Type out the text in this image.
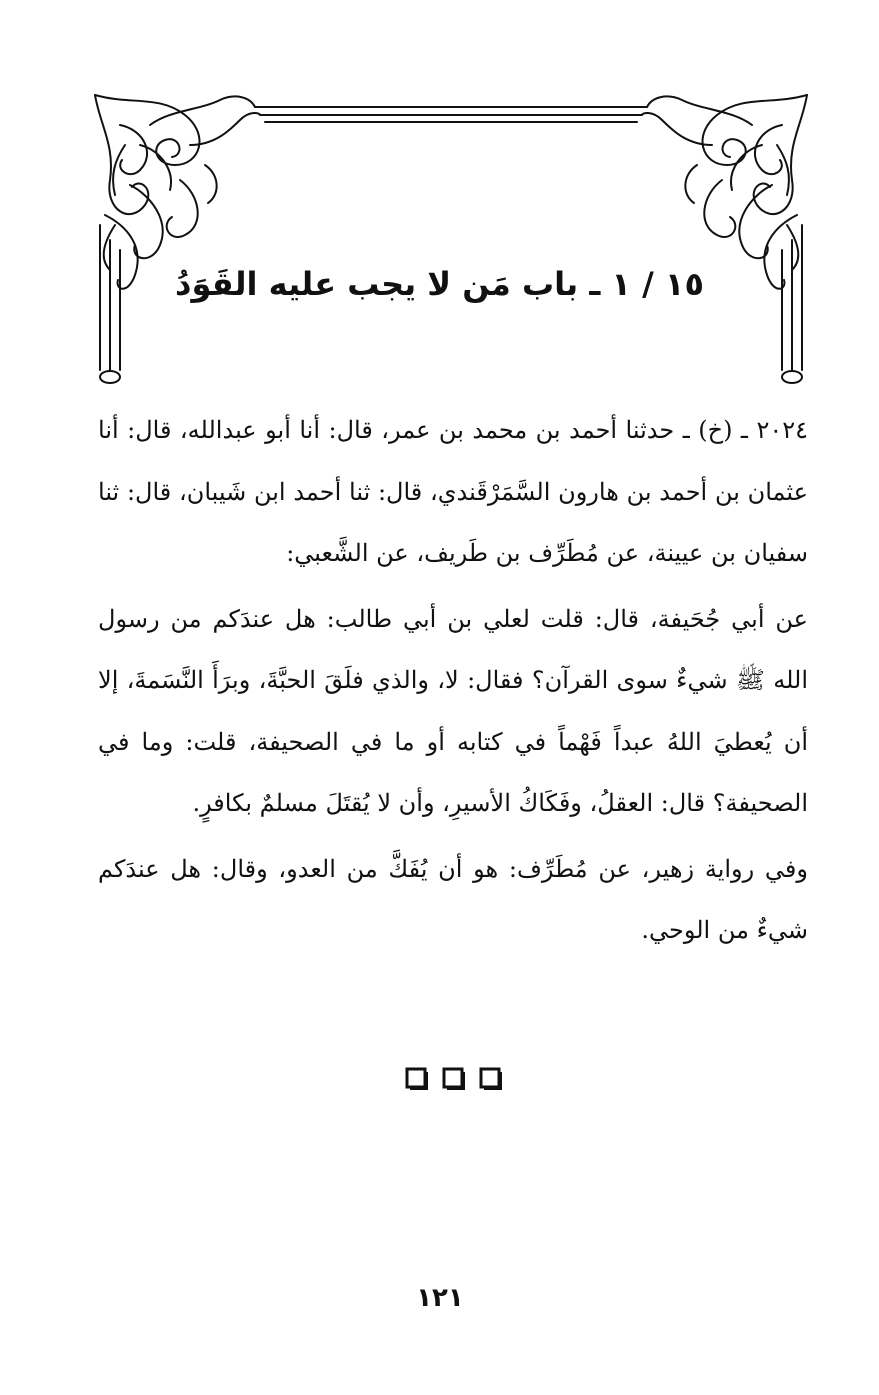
١٥ / ١ ـ باب مَن لا يجب عليه القَوَدُ

٢٠٢٤ ـ (خ) ـ حدثنا أحمد بن محمد بن عمر، قال: أنا أبو عبدالله، قال: أنا عثمان بن أحمد بن هارون السَّمَرْقَندي، قال: ثنا أحمد ابن شَيبان، قال: ثنا سفيان بن عيينة، عن مُطَرِّف بن طَريف، عن الشَّعبي:

عن أبي جُحَيفة، قال: قلت لعلي بن أبي طالب: هل عندَكم من رسول الله ﷺ شيءٌ سوى القرآن؟ فقال: لا، والذي فلَقَ الحبَّةَ، وبرَأَ النَّسَمةَ، إلا أن يُعطيَ اللهُ عبداً فَهْماً في كتابه أو ما في الصحيفة، قلت: وما في الصحيفة؟ قال: العقلُ، وفَكَاكُ الأسيرِ، وأن لا يُقتَلَ مسلمٌ بكافرٍ.

وفي رواية زهير، عن مُطَرِّف: هو أن يُفَكَّ من العدو، وقال: هل عندَكم شيءٌ من الوحي.

١٢١
